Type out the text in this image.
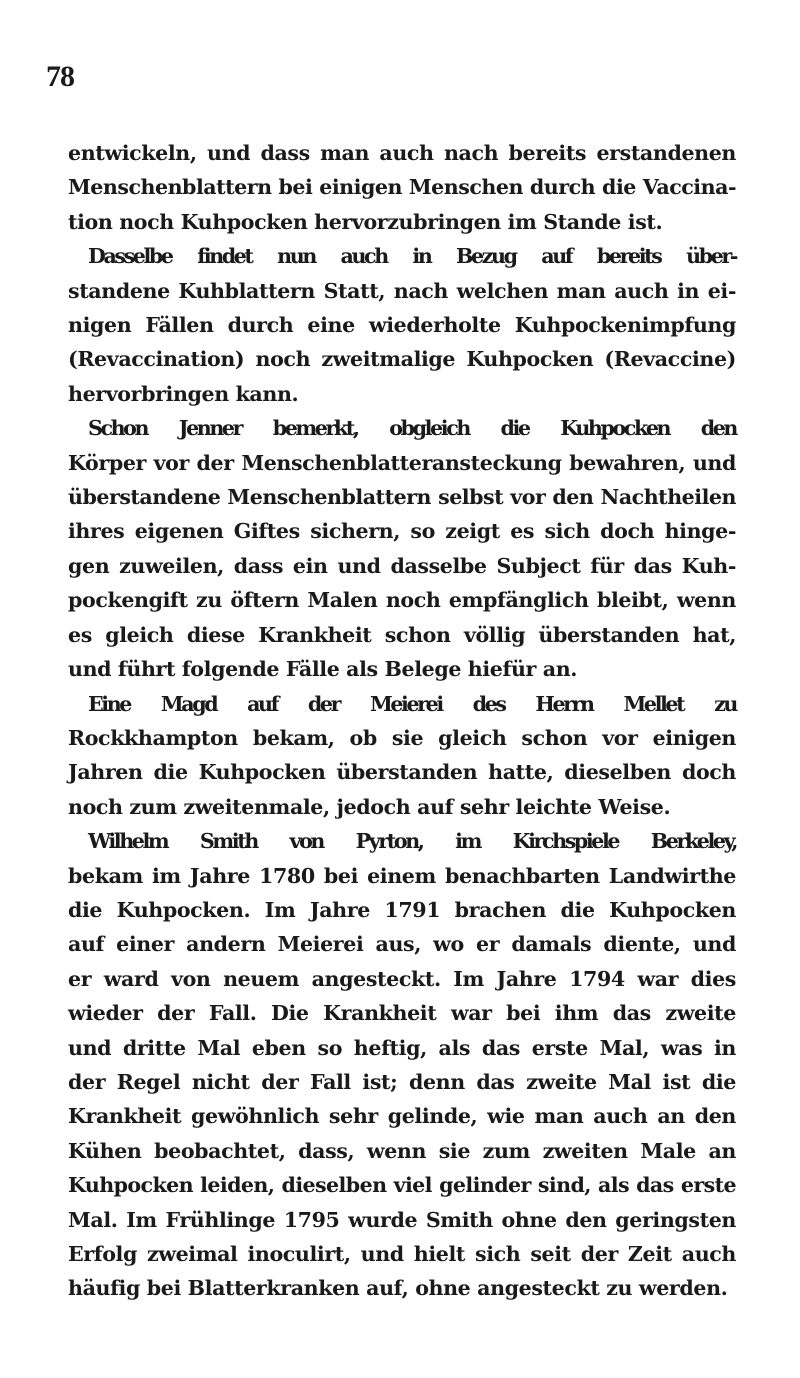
78

entwickeln, und dass man auch nach bereits erstandenen
Menschenblattern bei einigen Menschen durch die Vaccina-
tion noch Kuhpocken hervorzubringen im Stande ist.

Dasselbe findet nun auch in Bezug auf bereits über-
standene Kuhblattern Statt, nach welchen man auch in ei-
nigen Fällen durch eine wiederholte Kuhpockenimpfung
(Revaccination) noch zweitmalige Kuhpocken (Revaccine)
hervorbringen kann.

Schon Jenner bemerkt, obgleich die Kuhpocken den
Körper vor der Menschenblatteransteckung bewahren, und
überstandene Menschenblattern selbst vor den Nachtheilen
ihres eigenen Giftes sichern, so zeigt es sich doch hinge-
gen zuweilen, dass ein und dasselbe Subject für das Kuh-
pockengift zu öftern Malen noch empfänglich bleibt, wenn
es gleich diese Krankheit schon völlig überstanden hat,
und führt folgende Fälle als Belege hiefür an.

Eine Magd auf der Meierei des Herrn Mellet zu
Rockkhampton bekam, ob sie gleich schon vor einigen
Jahren die Kuhpocken überstanden hatte, dieselben doch
noch zum zweitenmale, jedoch auf sehr leichte Weise.

Wilhelm Smith von Pyrton, im Kirchspiele Berkeley,
bekam im Jahre 1780 bei einem benachbarten Landwirthe
die Kuhpocken. Im Jahre 1791 brachen die Kuhpocken
auf einer andern Meierei aus, wo er damals diente, und
er ward von neuem angesteckt. Im Jahre 1794 war dies
wieder der Fall. Die Krankheit war bei ihm das zweite
und dritte Mal eben so heftig, als das erste Mal, was in
der Regel nicht der Fall ist; denn das zweite Mal ist die
Krankheit gewöhnlich sehr gelinde, wie man auch an den
Kühen beobachtet, dass, wenn sie zum zweiten Male an
Kuhpocken leiden, dieselben viel gelinder sind, als das erste
Mal. Im Frühlinge 1795 wurde Smith ohne den geringsten
Erfolg zweimal inoculirt, und hielt sich seit der Zeit auch
häufig bei Blatterkranken auf, ohne angesteckt zu werden.
